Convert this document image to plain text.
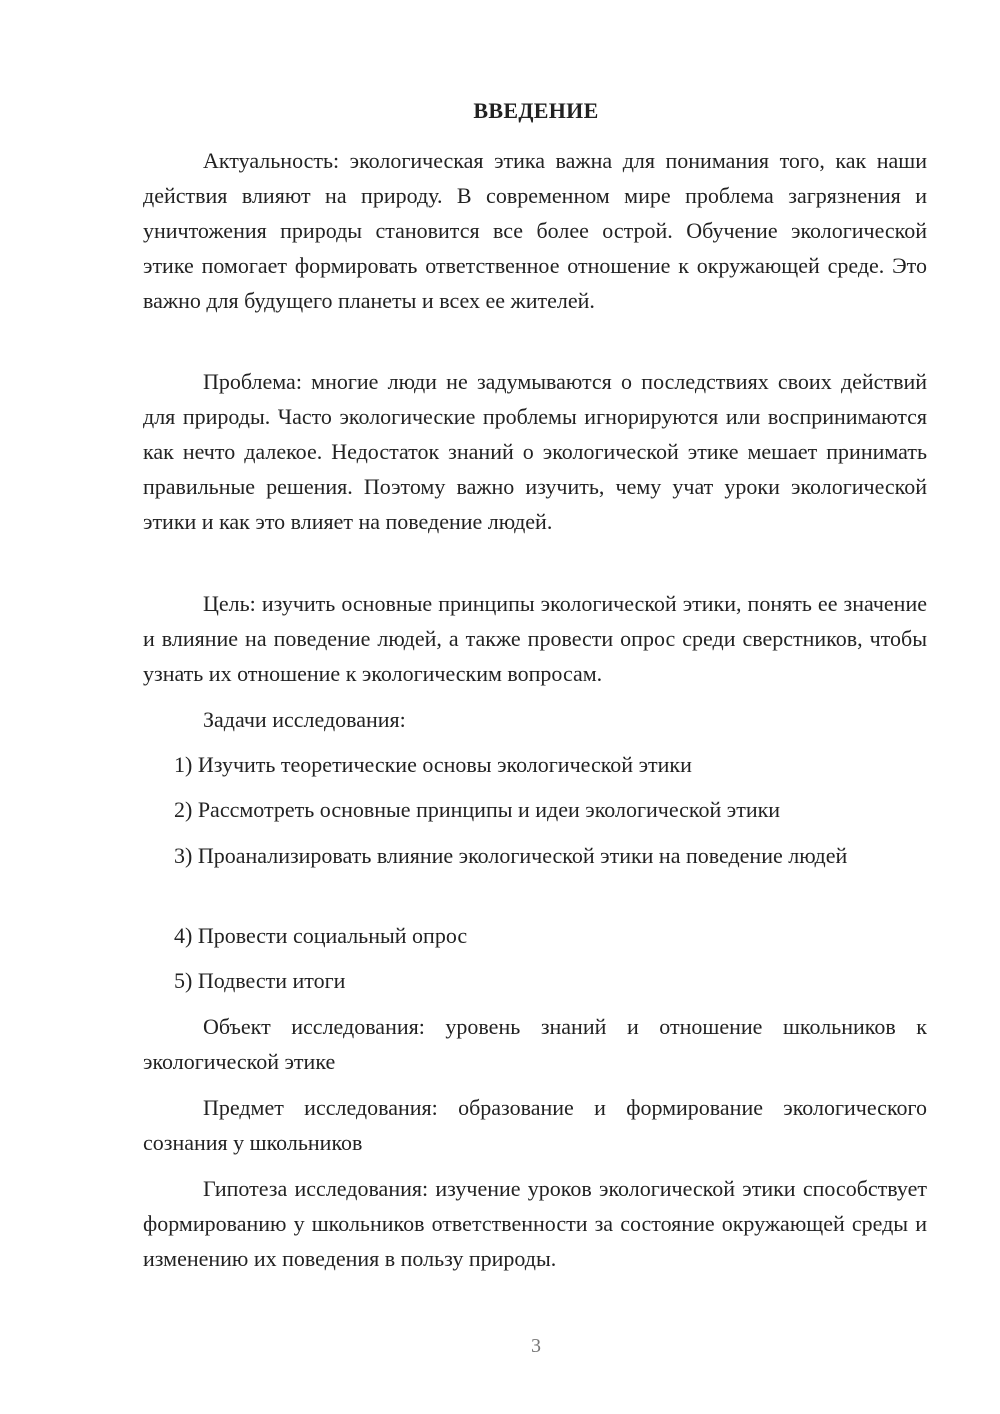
ВВЕДЕНИЕ

Актуальность: экологическая этика важна для понимания того, как наши действия влияют на природу. В современном мире проблема загрязнения и уничтожения природы становится все более острой. Обучение экологической этике помогает формировать ответственное отношение к окружающей среде. Это важно для будущего планеты и всех ее жителей.

Проблема: многие люди не задумываются о последствиях своих действий для природы. Часто экологические проблемы игнорируются или воспринимаются как нечто далекое. Недостаток знаний о экологической этике мешает принимать правильные решения. Поэтому важно изучить, чему учат уроки экологической этики и как это влияет на поведение людей.

Цель: изучить основные принципы экологической этики, понять ее значение и влияние на поведение людей, а также провести опрос среди сверстников, чтобы узнать их отношение к экологическим вопросам.

Задачи исследования:

1) Изучить теоретические основы экологической этики

2) Рассмотреть основные принципы и идеи экологической этики

3) Проанализировать влияние экологической этики на поведение людей

4) Провести социальный опрос

5) Подвести итоги

Объект исследования: уровень знаний и отношение школьников к экологической этике

Предмет исследования: образование и формирование экологического сознания у школьников

Гипотеза исследования: изучение уроков экологической этики способствует формированию у школьников ответственности за состояние окружающей среды и изменению их поведения в пользу природы.

3
